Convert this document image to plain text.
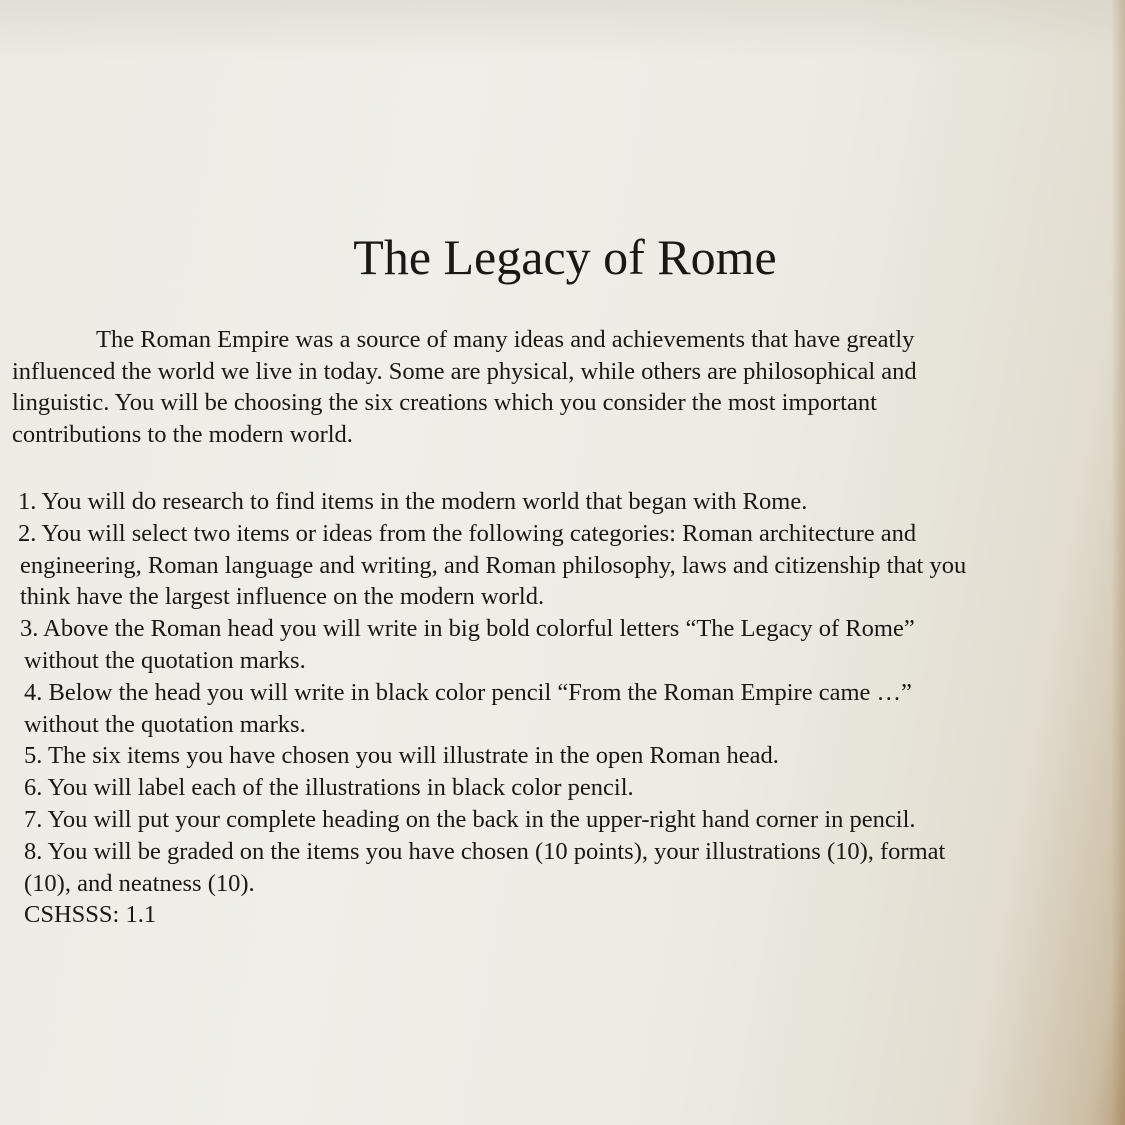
The Legacy of Rome

The Roman Empire was a source of many ideas and achievements that have greatly
influenced the world we live in today. Some are physical, while others are philosophical and
linguistic. You will be choosing the six creations which you consider the most important
contributions to the modern world.

1. You will do research to find items in the modern world that began with Rome.
2. You will select two items or ideas from the following categories: Roman architecture and
engineering, Roman language and writing, and Roman philosophy, laws and citizenship that you
think have the largest influence on the modern world.
3. Above the Roman head you will write in big bold colorful letters “The Legacy of Rome”
without the quotation marks.
4. Below the head you will write in black color pencil “From the Roman Empire came …”
without the quotation marks.
5. The six items you have chosen you will illustrate in the open Roman head.
6. You will label each of the illustrations in black color pencil.
7. You will put your complete heading on the back in the upper-right hand corner in pencil.
8. You will be graded on the items you have chosen (10 points), your illustrations (10), format
(10), and neatness (10).
CSHSSS: 1.1
